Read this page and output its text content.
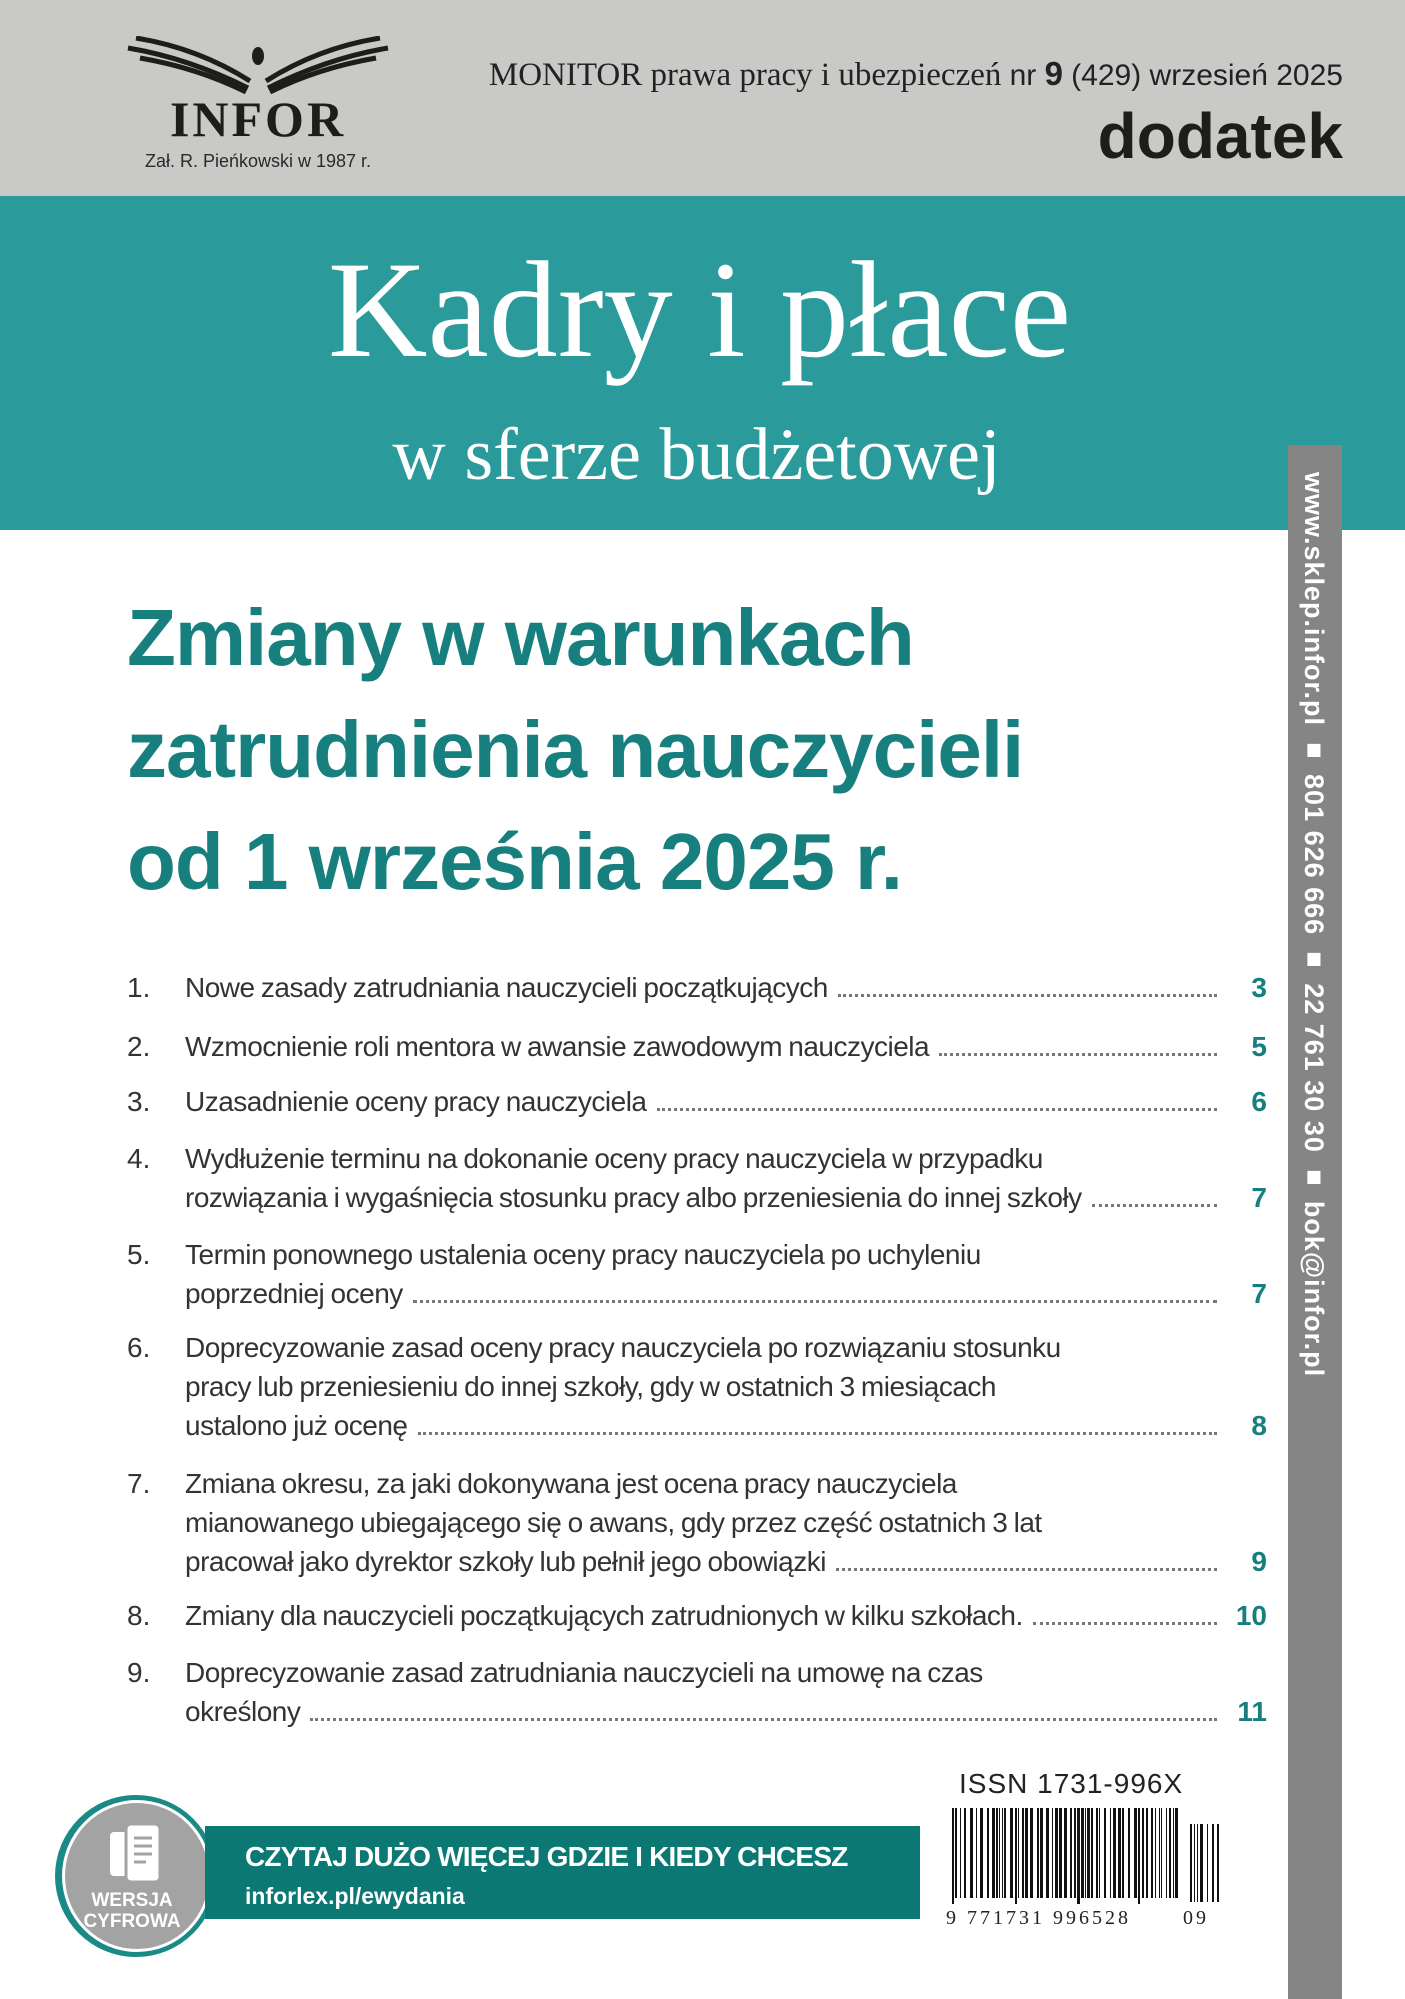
INFOR
Zał. R. Pieńkowski w 1987 r.
MONITOR prawa pracy i ubezpieczeń nr 9 (429) wrzesień 2025
dodatek
Kadry i płace
w sferze budżetowej
www.sklep.infor.pl ■ 801 626 666 ■ 22 761 30 30 ■ bok@infor.pl
Zmiany w warunkach
zatrudnienia nauczycieli
od 1 września 2025 r.
1. Nowe zasady zatrudniania nauczycieli początkujących	3
2. Wzmocnienie roli mentora w awansie zawodowym nauczyciela	5
3. Uzasadnienie oceny pracy nauczyciela	6
4. Wydłużenie terminu na dokonanie oceny pracy nauczyciela w przypadku
rozwiązania i wygaśnięcia stosunku pracy albo przeniesienia do innej szkoły	7
5. Termin ponownego ustalenia oceny pracy nauczyciela po uchyleniu
poprzedniej oceny	7
6. Doprecyzowanie zasad oceny pracy nauczyciela po rozwiązaniu stosunku
pracy lub przeniesieniu do innej szkoły, gdy w ostatnich 3 miesiącach
ustalono już ocenę	8
7. Zmiana okresu, za jaki dokonywana jest ocena pracy nauczyciela
mianowanego ubiegającego się o awans, gdy przez część ostatnich 3 lat
pracował jako dyrektor szkoły lub pełnił jego obowiązki	9
8. Zmiany dla nauczycieli początkujących zatrudnionych w kilku szkołach.	10
9. Doprecyzowanie zasad zatrudniania nauczycieli na umowę na czas
określony	11
WERSJA
CYFROWA
CZYTAJ DUŻO WIĘCEJ GDZIE I KIEDY CHCESZ
inforlex.pl/ewydania
ISSN 1731-996X
9 771731 996528	09
